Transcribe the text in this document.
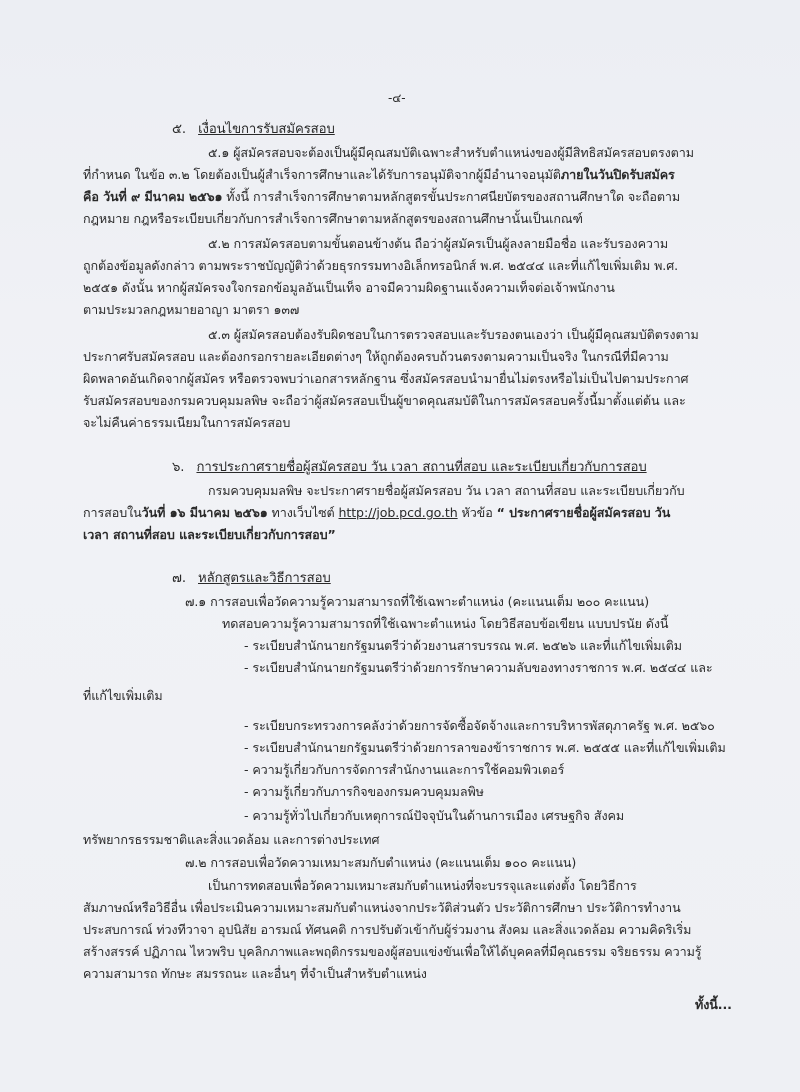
-๔-
๕. เงื่อนไขการรับสมัครสอบ
๕.๑ ผู้สมัครสอบจะต้องเป็นผู้มีคุณสมบัติเฉพาะสำหรับตำแหน่งของผู้มีสิทธิสมัครสอบตรงตาม
ที่กำหนด ในข้อ ๓.๒ โดยต้องเป็นผู้สำเร็จการศึกษาและได้รับการอนุมัติจากผู้มีอำนาจอนุมัติภายในวันปิดรับสมัคร
คือ วันที่ ๙ มีนาคม ๒๕๖๑ ทั้งนี้ การสำเร็จการศึกษาตามหลักสูตรขั้นประกาศนียบัตรของสถานศึกษาใด จะถือตาม
กฎหมาย กฎหรือระเบียบเกี่ยวกับการสำเร็จการศึกษาตามหลักสูตรของสถานศึกษานั้นเป็นเกณฑ์
๕.๒ การสมัครสอบตามขั้นตอนข้างต้น ถือว่าผู้สมัครเป็นผู้ลงลายมือชื่อ และรับรองความ
ถูกต้องข้อมูลดังกล่าว ตามพระราชบัญญัติว่าด้วยธุรกรรมทางอิเล็กทรอนิกส์ พ.ศ. ๒๕๔๔ และที่แก้ไขเพิ่มเติม พ.ศ.
๒๕๕๑ ดังนั้น หากผู้สมัครจงใจกรอกข้อมูลอันเป็นเท็จ อาจมีความผิดฐานแจ้งความเท็จต่อเจ้าพนักงาน
ตามประมวลกฎหมายอาญา มาตรา ๑๓๗
๕.๓ ผู้สมัครสอบต้องรับผิดชอบในการตรวจสอบและรับรองตนเองว่า เป็นผู้มีคุณสมบัติตรงตาม
ประกาศรับสมัครสอบ และต้องกรอกรายละเอียดต่างๆ ให้ถูกต้องครบถ้วนตรงตามความเป็นจริง ในกรณีที่มีความ
ผิดพลาดอันเกิดจากผู้สมัคร หรือตรวจพบว่าเอกสารหลักฐาน ซึ่งสมัครสอบนำมายื่นไม่ตรงหรือไม่เป็นไปตามประกาศ
รับสมัครสอบของกรมควบคุมมลพิษ จะถือว่าผู้สมัครสอบเป็นผู้ขาดคุณสมบัติในการสมัครสอบครั้งนี้มาตั้งแต่ต้น และ
จะไม่คืนค่าธรรมเนียมในการสมัครสอบ
๖. การประกาศรายชื่อผู้สมัครสอบ วัน เวลา สถานที่สอบ และระเบียบเกี่ยวกับการสอบ
กรมควบคุมมลพิษ จะประกาศรายชื่อผู้สมัครสอบ วัน เวลา สถานที่สอบ และระเบียบเกี่ยวกับ
การสอบในวันที่ ๑๖ มีนาคม ๒๕๖๑ ทางเว็บไซต์ http://job.pcd.go.th หัวข้อ “ ประกาศรายชื่อผู้สมัครสอบ วัน
เวลา สถานที่สอบ และระเบียบเกี่ยวกับการสอบ”
๗. หลักสูตรและวิธีการสอบ
๗.๑ การสอบเพื่อวัดความรู้ความสามารถที่ใช้เฉพาะตำแหน่ง (คะแนนเต็ม ๒๐๐ คะแนน)
ทดสอบความรู้ความสามารถที่ใช้เฉพาะตำแหน่ง โดยวิธีสอบข้อเขียน แบบปรนัย ดังนี้
- ระเบียบสำนักนายกรัฐมนตรีว่าด้วยงานสารบรรณ พ.ศ. ๒๕๒๖ และที่แก้ไขเพิ่มเติม
- ระเบียบสำนักนายกรัฐมนตรีว่าด้วยการรักษาความลับของทางราชการ พ.ศ. ๒๕๔๔ และ
ที่แก้ไขเพิ่มเติม
- ระเบียบกระทรวงการคลังว่าด้วยการจัดซื้อจัดจ้างและการบริหารพัสดุภาครัฐ พ.ศ. ๒๕๖๐
- ระเบียบสำนักนายกรัฐมนตรีว่าด้วยการลาของข้าราชการ พ.ศ. ๒๕๕๕ และที่แก้ไขเพิ่มเติม
- ความรู้เกี่ยวกับการจัดการสำนักงานและการใช้คอมพิวเตอร์
- ความรู้เกี่ยวกับภารกิจของกรมควบคุมมลพิษ
- ความรู้ทั่วไปเกี่ยวกับเหตุการณ์ปัจจุบันในด้านการเมือง เศรษฐกิจ สังคม
ทรัพยากรธรรมชาติและสิ่งแวดล้อม และการต่างประเทศ
๗.๒ การสอบเพื่อวัดความเหมาะสมกับตำแหน่ง (คะแนนเต็ม ๑๐๐ คะแนน)
เป็นการทดสอบเพื่อวัดความเหมาะสมกับตำแหน่งที่จะบรรจุและแต่งตั้ง โดยวิธีการ
สัมภาษณ์หรือวิธีอื่น เพื่อประเมินความเหมาะสมกับตำแหน่งจากประวัติส่วนตัว ประวัติการศึกษา ประวัติการทำงาน
ประสบการณ์ ท่วงทีวาจา อุปนิสัย อารมณ์ ทัศนคติ การปรับตัวเข้ากับผู้ร่วมงาน สังคม และสิ่งแวดล้อม ความคิดริเริ่ม
สร้างสรรค์ ปฏิภาณ ไหวพริบ บุคลิกภาพและพฤติกรรมของผู้สอบแข่งขันเพื่อให้ได้บุคคลที่มีคุณธรรม จริยธรรม ความรู้
ความสามารถ ทักษะ สมรรถนะ และอื่นๆ ที่จำเป็นสำหรับตำแหน่ง
ทั้งนี้...
